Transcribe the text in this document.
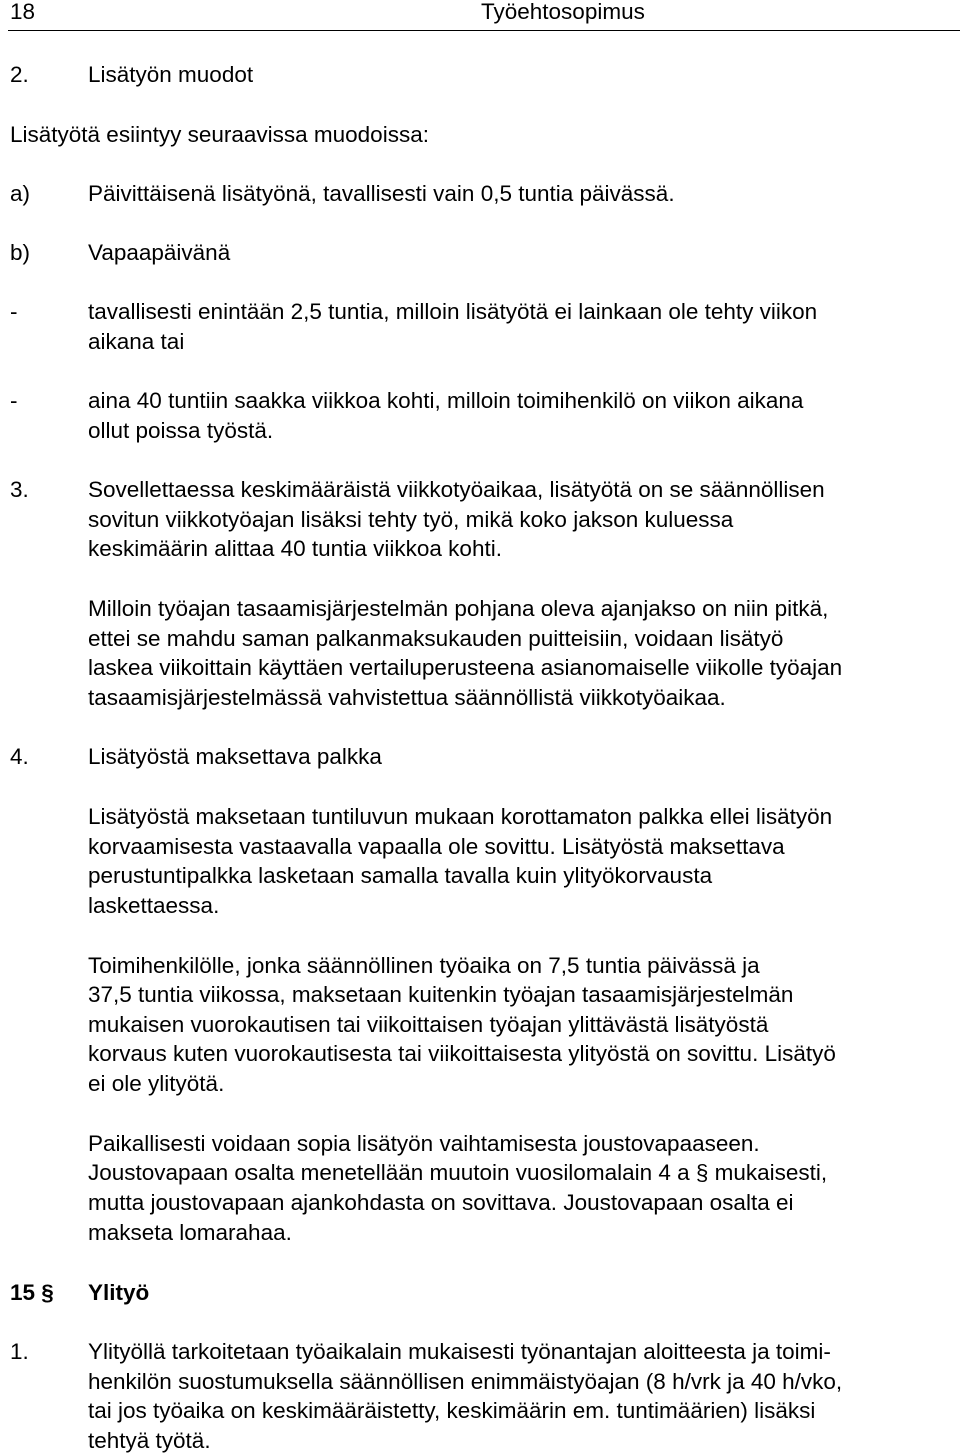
18	Työehtosopimus
2.	Lisätyön muodot
Lisätyötä esiintyy seuraavissa muodoissa:
a)	Päivittäisenä lisätyönä, tavallisesti vain 0,5 tuntia päivässä.
b)	Vapaapäivänä
-	tavallisesti enintään 2,5 tuntia, milloin lisätyötä ei lainkaan ole tehty viikon
aikana tai
-	aina 40 tuntiin saakka viikkoa kohti, milloin toimihenkilö on viikon aikana
ollut poissa työstä.
3.	Sovellettaessa keskimääräistä viikkotyöaikaa, lisätyötä on se säännöllisen
sovitun viikkotyöajan lisäksi tehty työ, mikä koko jakson kuluessa
keskimäärin alittaa 40 tuntia viikkoa kohti.
Milloin työajan tasaamisjärjestelmän pohjana oleva ajanjakso on niin pitkä,
ettei se mahdu saman palkanmaksukauden puitteisiin, voidaan lisätyö
laskea viikoittain käyttäen vertailuperusteena asianomaiselle viikolle työajan
tasaamisjärjestelmässä vahvistettua säännöllistä viikkotyöaikaa.
4.	Lisätyöstä maksettava palkka
Lisätyöstä maksetaan tuntiluvun mukaan korottamaton palkka ellei lisätyön
korvaamisesta vastaavalla vapaalla ole sovittu. Lisätyöstä maksettava
perustuntipalkka lasketaan samalla tavalla kuin ylityökorvausta
laskettaessa.
Toimihenkilölle, jonka säännöllinen työaika on 7,5 tuntia päivässä ja
37,5 tuntia viikossa, maksetaan kuitenkin työajan tasaamisjärjestelmän
mukaisen vuorokautisen tai viikoittaisen työajan ylittävästä lisätyöstä
korvaus kuten vuorokautisesta tai viikoittaisesta ylityöstä on sovittu. Lisätyö
ei ole ylityötä.
Paikallisesti voidaan sopia lisätyön vaihtamisesta joustovapaaseen.
Joustovapaan osalta menetellään muutoin vuosilomalain 4 a § mukaisesti,
mutta joustovapaan ajankohdasta on sovittava. Joustovapaan osalta ei
makseta lomarahaa.
15 § Ylityö
1.	Ylityöllä tarkoitetaan työaikalain mukaisesti työnantajan aloitteesta ja toimi-
henkilön suostumuksella säännöllisen enimmäistyöajan (8 h/vrk ja 40 h/vko,
tai jos työaika on keskimääräistetty, keskimäärin em. tuntimäärien) lisäksi
tehtyä työtä.
